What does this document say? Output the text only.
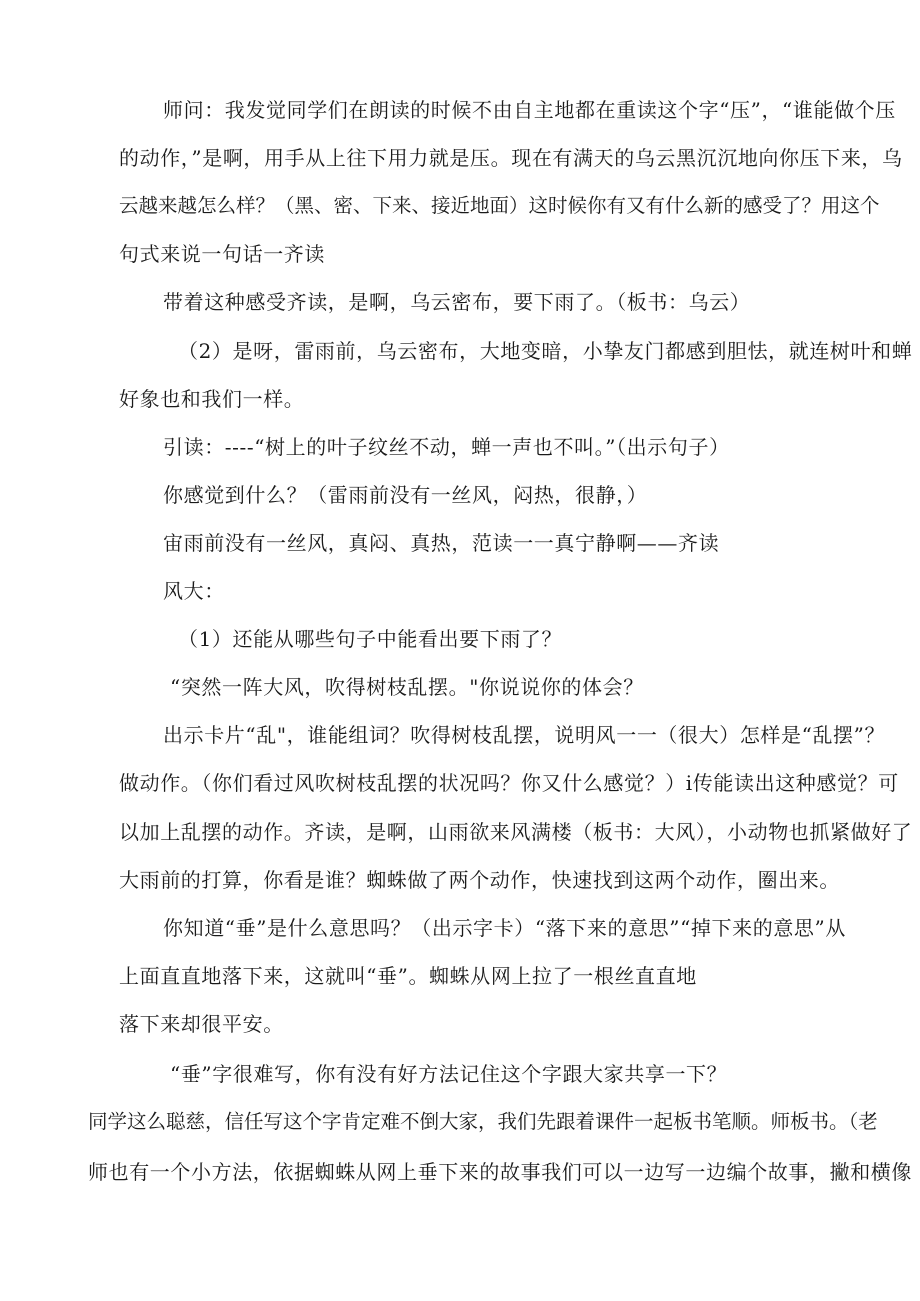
师问：我发觉同学们在朗读的时候不由自主地都在重读这个字“压”，“谁能做个压
的动作，”是啊，用手从上往下用力就是压。现在有满天的乌云黑沉沉地向你压下来，乌
云越来越怎么样？（黑、密、下来、接近地面）这时候你有又有什么新的感受了？用这个
句式来说一句话一齐读
带着这种感受齐读，是啊，乌云密布，要下雨了。（板书：乌云）
（2）是呀，雷雨前，乌云密布，大地变暗，小挚友门都感到胆怯，就连树叶和蝉
好象也和我们一样。
引读：----“树上的叶子纹丝不动，蝉一声也不叫。”（出示句子）
你感觉到什么？（雷雨前没有一丝风，闷热，很静，）
宙雨前没有一丝风，真闷、真热，范读一一真宁静啊——齐读
风大：
（1）还能从哪些句子中能看出要下雨了？
“突然一阵大风，吹得树枝乱摆。"你说说你的体会？
出示卡片“乱"，谁能组词？吹得树枝乱摆，说明风一一（很大）怎样是“乱摆”？
做动作。（你们看过风吹树枝乱摆的状况吗？你又什么感觉？）i传能读出这种感觉？可
以加上乱摆的动作。齐读，是啊，山雨欲来风满楼（板书：大风），小动物也抓紧做好了
大雨前的打算，你看是谁？蜘蛛做了两个动作，快速找到这两个动作，圈出来。
你知道“垂”是什么意思吗？（出示字卡）“落下来的意思”“掉下来的意思”从
上面直直地落下来，这就叫“垂”。蜘蛛从网上拉了一根丝直直地
落下来却很平安。
“垂”字很难写，你有没有好方法记住这个字跟大家共享一下？
同学这么聪慈，信任写这个字肯定难不倒大家，我们先跟着课件一起板书笔顺。师板书。（老
师也有一个小方法，依据蜘蛛从网上垂下来的故事我们可以一边写一边编个故事，撇和横像
